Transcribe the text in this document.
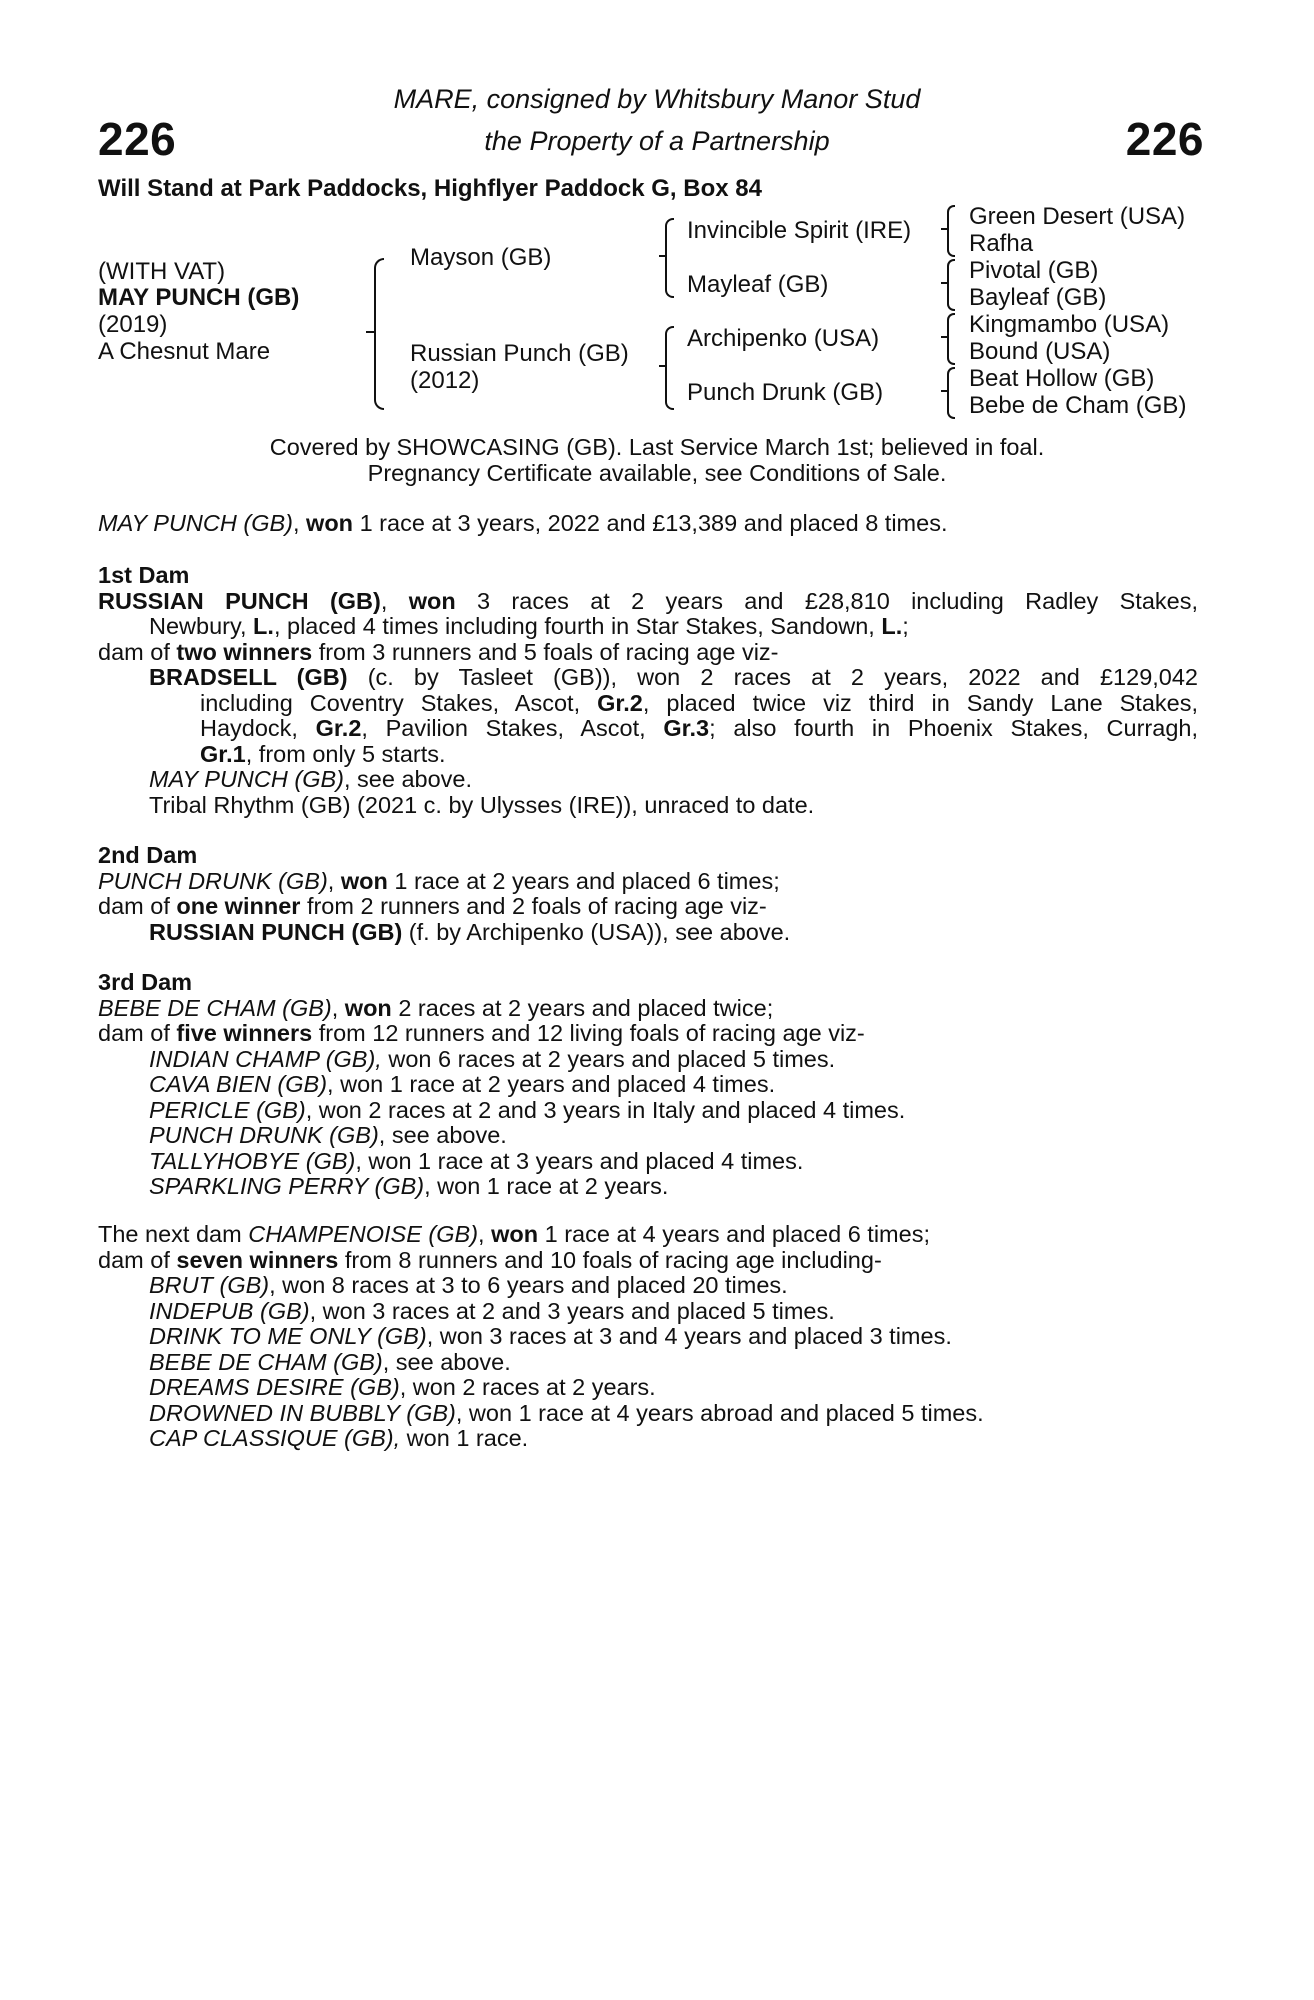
226	226
MARE, consigned by Whitsbury Manor Stud
the Property of a Partnership
Will Stand at Park Paddocks, Highflyer Paddock G, Box 84
(WITH VAT)
MAY PUNCH (GB)
(2019)
A Chesnut Mare
Mayson (GB)
Russian Punch (GB)
(2012)
Invincible Spirit (IRE)
Mayleaf (GB)
Archipenko (USA)
Punch Drunk (GB)
Green Desert (USA)
Rafha
Pivotal (GB)
Bayleaf (GB)
Kingmambo (USA)
Bound (USA)
Beat Hollow (GB)
Bebe de Cham (GB)
Covered by SHOWCASING (GB). Last Service March 1st; believed in foal.
Pregnancy Certificate available, see Conditions of Sale.
MAY PUNCH (GB), won 1 race at 3 years, 2022 and £13,389 and placed 8 times.
1st Dam
RUSSIAN PUNCH (GB), won 3 races at 2 years and £28,810 including Radley Stakes,
Newbury, L., placed 4 times including fourth in Star Stakes, Sandown, L.;
dam of two winners from 3 runners and 5 foals of racing age viz-
BRADSELL (GB) (c. by Tasleet (GB)), won 2 races at 2 years, 2022 and £129,042
including Coventry Stakes, Ascot, Gr.2, placed twice viz third in Sandy Lane Stakes,
Haydock, Gr.2, Pavilion Stakes, Ascot, Gr.3; also fourth in Phoenix Stakes, Curragh,
Gr.1, from only 5 starts.
MAY PUNCH (GB), see above.
Tribal Rhythm (GB) (2021 c. by Ulysses (IRE)), unraced to date.
2nd Dam
PUNCH DRUNK (GB), won 1 race at 2 years and placed 6 times;
dam of one winner from 2 runners and 2 foals of racing age viz-
RUSSIAN PUNCH (GB) (f. by Archipenko (USA)), see above.
3rd Dam
BEBE DE CHAM (GB), won 2 races at 2 years and placed twice;
dam of five winners from 12 runners and 12 living foals of racing age viz-
INDIAN CHAMP (GB), won 6 races at 2 years and placed 5 times.
CAVA BIEN (GB), won 1 race at 2 years and placed 4 times.
PERICLE (GB), won 2 races at 2 and 3 years in Italy and placed 4 times.
PUNCH DRUNK (GB), see above.
TALLYHOBYE (GB), won 1 race at 3 years and placed 4 times.
SPARKLING PERRY (GB), won 1 race at 2 years.
The next dam CHAMPENOISE (GB), won 1 race at 4 years and placed 6 times;
dam of seven winners from 8 runners and 10 foals of racing age including-
BRUT (GB), won 8 races at 3 to 6 years and placed 20 times.
INDEPUB (GB), won 3 races at 2 and 3 years and placed 5 times.
DRINK TO ME ONLY (GB), won 3 races at 3 and 4 years and placed 3 times.
BEBE DE CHAM (GB), see above.
DREAMS DESIRE (GB), won 2 races at 2 years.
DROWNED IN BUBBLY (GB), won 1 race at 4 years abroad and placed 5 times.
CAP CLASSIQUE (GB), won 1 race.
